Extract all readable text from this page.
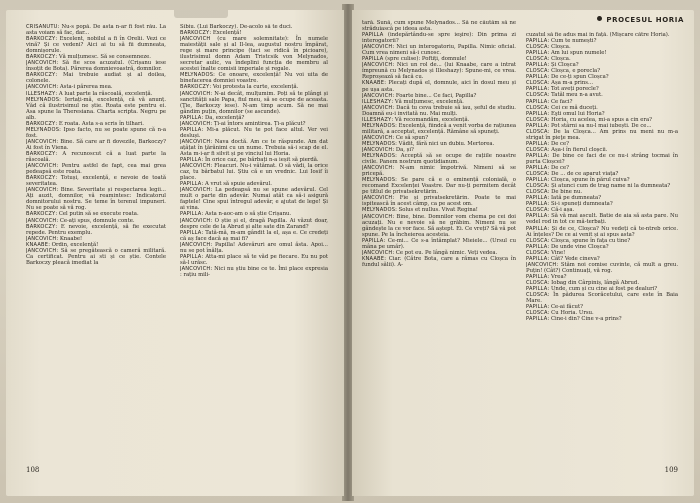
CRISANUTU: Nu-s popă. De asta n-ar fi fost rău. La asta voiam să fac, dar...

BARKOCZY: Excelent, nobilul a fi în Orelii. Vezi ce vină? Și ce vedeni? Aici ai tu să fii dumneata, domnișorule.

BARKOCZY: Vă mulțumesc. Să se consemneze.

JANCOVICH: Să fie scos acuzatul. (Crișanu iese însoțit de Bota). Părerea domnievoastră, domnilor.

BARKOCZY: Mai trebuie audiat și al doilea, colonele.

JANCOVICH: Asta-i părerea mea.

ILLESHAZY: A luat parte la răscoală, excelență.

MELYNADOS: Iertați-mă, excelență, că vă anunț. Văd că ilustrisimul ne știe. Roata este pentru ei. Asa spune la Theresiana. Charta scripta. Negru pe alb.

BARKOCZY: E roata. Asta s-a scris în tilhari.

MELYNADOS: Ipso facto, nu se poate spune că n-a fost.

JANCOVICH: Bine. Să care ar fi dovezile, Barkoczy? Ai fost în Viena.

BARKOCZY: A recunoscut că a luat parte la răscoală.

JANCOVICH: Pentru astfel de fapt, cea mai grea pedeapsă este roata.

BARKOCZY: Totuși, excelență, e nevoie de toată severitatea.

JANCOVICH: Bine. Severitate și respectarea legii... Ați auzit, domnilor, vă reamintesc: Indicatorul domnitorului nostru. Se teme în terenul impuneri. Nu se poate să vă rog.

BARKOCZY: Cel putin să se execute roata.

JANCOVICH: Ce-ați spus, domnule conte.

BARKOCZY: E nevoie, excelență, să fie executat repede. Pentru exemplu.

JANCOVICH: Knaabe!

KNAABE: Ordin, excelență!

JANCOVICH: Să se pregătească o cameră militară. Ca certificat. Pentru ai sti și ce știe. Contele Barkoczy pleacă imediat la

Sibiu. (Lui Barkoczy). De-acolo să te duci.

BARKOCZY: Excelență!

JANCOVICH (cu mare solemnitate): În numele maiestății sale și al Il-lea, augustul nostru împărat, rege și mare principe (taci se ridică în picioare), ilustrisimul domn Adam Tristcsik von Melynados, secretar aulic, va îndeplini funcția de membru al acestei înalte comisii imperiale și regale.

MELYNADOS: Ce onoare, excelență! Nu voi uita de binefacerea domniei voastre.

BARKOCZY: Voi protesta la curte, excelență.

JANCOVICH: N-ai decât, mulțumim. Poți să te plângi și sanctității sale Papa, fiul meu, să se ocupe de aceasta. (Ţie, Barkoczy iese). N-am timp acum. Să ne mai gândim puțin, domnilor (se ascunde).

PAPILLA: Da, excelență?

JANCOVICH: Ți-ai întors amintirea. Ți-a plăcut?

PAPILLA: Mi-a plăcut. Nu te pot face altul. Ver vei desluși.

JANCOVICH: Nava doctă. Am ce te răspunde. Am dat ațâțat în ţărănimi cu un nume. Trebuia să-i scap de el. Asta m-i-ar fi silvit și pe vinciul lui Horia.

PAPILLA: În orice caz, pe bărbați n-a ieșit să pierdă.

JANCOVICH: Fleacuri. Nu-i vătămat. O să vădi, la orice caz, tu bărbatul lui. Știu că e un vrednic. Lui Iosif îi place.

PAPILLA: A vrut să spuie adevărul.

JANCOVICH: La pedeapsă nu se spune adevărul. Cel mult o parte din adevăr. Numai atât ca să-i asigură faptele! Cine spui întregul adevăr, e ajutat de lege! Și ai vina.

PAPILLA: Asta n-aoc-am o să știe Crișanu.

JANCOVICH: O știe și el, dragă Papilla. Ai văzut doar, despre cele de la Abrud și alte sate din Zarand?

PAPILLA: Tată-mă, m-am gândit la el, așa e. Ce credeți că aș face dacă aș mai fi?

JANCOVICH: Papilla! Adevăruri are omul ăsta. Apoi... nu se pot înălța.

PAPILLA: Atta-mi place să te văd pe fiecare. Eu nu pot să-l urăsc.

JANCOVICH: Nici nu știu bine ce te. Îmi place expresia : rațiu mili-

108
PROCESUL HORIA

tară. Sună, cum spune Melynados... Să ne căutăm să ne străduiască pe ideea asta.

PAPILLA (indepărtându-se spre ieşire): Din prima zi interogatorii?

JANCOVICH: Nici un interogatoriu, Papilla. Nimic oficial. Cum vrea nimeni să-i cunosc.

PAPILLA (spre culise): Poftiți, domnule!

JANCOVICH: Nici un rol de... (lui Knaabe, care a intrat împreună cu Melynados și Illeshazy): Spune-mi, ce vrea. Reproșează să facă cu.

KNAABE: Plecați după el, domnule, aici în dosul meu și pe ușa asta.

JANCOVICH: Foarte bine... Ce faci, Papilla?

ILLESHAZY: Vă mulțumesc, excelență.

JANCOVICH: Dacă tu ceva trebuie să iau, șeful de studiu. Doamnă eu-i invitată nu. Mai mulți.

ILLESHAZY: Vă recomandăm, excelență.

MELYNADOS: Excelență, fiindcă a venit vorba de rațiunea militară, a acceptat, excelență. Rămâne să spuneți.

JANCOVICH: Ce să spun?

MELYNADOS: Vădit, fără nici un dubiu. Mertorea.

JANCOVICH: Da, și?

MELYNADOS: Acceptă să se ocupe de rațiile noastre civile. Panem nostrum quotidianum.

JANCOVICH: N-am nimic împotrivă. Nimeni să se pricepă.

MELYNADOS: Se pare că e o eminență colonială, o recomand Excelenței Voastre. Dar nu-ți permitem decât pe titlul de privatsekretärin.

JANCOVICH: Fie și privatsekretärin. Poate te mai ispitească în acest câmp, ca pe acest om.

MELYNADOS: Solus et nullus. Vivat Regina!

JANCOVICH: Bine, bine. Domnilor vom chema pe cei doi acuzați. Nu e nevoie să ne grăbim. Nimeni nu se gândește la ce vor face. Să aștept. Ei. Ce vreți? Să vă pot spune. Pe la încheierea acesteia.

PAPILLA: Ce-mi... Ce s-a întâmplat? Mieiele... (Ursul cu mâna pe umăr).

JANCOVICH: Ce pot eu. Pe lângă nimic. Veți vedea.

KNAABE: Ciar. (Către Bota, care a rămas cu Cloșca în fundul sălii). A-

cuzatul să fie adus mai în față. (Mișcare către Horia).

PAPILLA: Cum te numești?

CLOSCA: Cloșca.

PAPILLA: Am lui spun numele!

CLOSCA: Cloșca.

PAPILLA: Și Cloșca?

CLOSCA: Cloșca, e porecla?

PAPILLA: De ce-ți spun Cloșca?

CLOSCA: Așa m-a prins...

PAPILLA: Tot aveți porecle?

CLOSCA: Tatăl meu n-a avut.

PAPILLA: Ce faci?

CLOSCA: Cei ce mă duceți.

PAPILLA: Eşti omul lui Horia?

CLOSCA: Horia, cu acelea, mi-a spus a cin era?

PAPILLA: Pot stârni sa nu-l mai iubești. De ce...

CLOSCA: De la Cloșca... Am prins nu meni nu m-a strigat în pieţe mea.

PAPILLA: De ce?

CLOSCA: Așa-i în fierul cloșcii.

PAPILLA: De bine ce faci de ce nu-i strâng tocmai în purta Cloșcei?

PAPILLA: De ce?

CLOSCA: De ... de ce aparut viața?

PAPILLA: Cloșca, spune în părul cuiva?

CLOSCA: Și atunci cum de trag name ni la dumneata?

CLOSCA: De bine nu.

PAPILLA: Iată pe dumneata?

PAPILLA: Si-i spuneți dumneata?

CLOSCA: Că-i așa.

PAPILLA: Să vă mai ascult. Batie de aia să asta pare. Nu vedel rod in tot ce mă-terbați.

PAPILLA: Și de ce, Cloșca? Nu vedeți că te-ntreb orice. Ai înțeles? De ce ai venit și ai spus asta?

CLOSCA: Cloșca, spune în fața cu tine?

PAPILLA: De unde vine Cloșca?

CLOSCA: Vine!

PAPILLA: Cât? Vede cineva?

JANCOVICH: Stăm noi comise cuvinte, că mult a greu. Puțin! (Cât?) Continuați, vă rog.

PAPILLA: Vrea?

CLOSCA: Iobag din Cârpiniș, lângă Abrud.

PAPILLA: Unde, cum și cu cine ai fost pe dealuri?

CLOSCA: În pădurea Scorăcetului, care este în Baia Mare.

PAPILLA: Ce-ai făcut?

CLOSCA: Cu Horia. Ursu.

PAPILLA: Cine-i din? Cine v-a prins?

109
